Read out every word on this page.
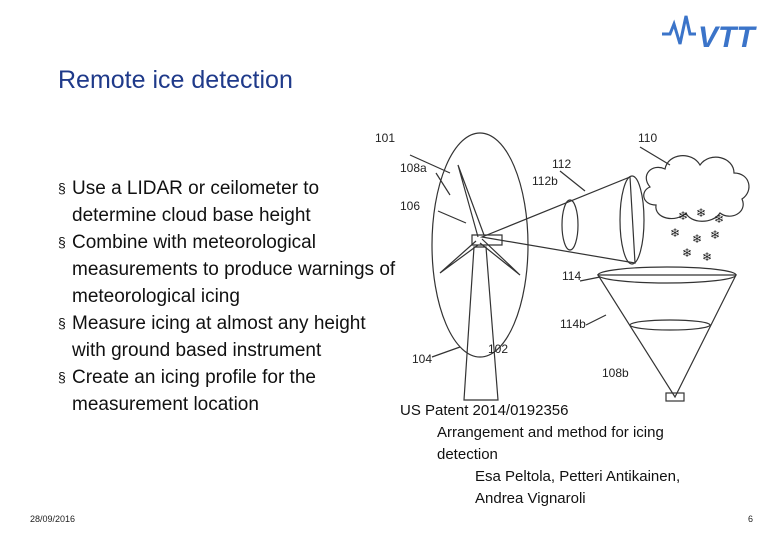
VTT
Remote ice detection
§ Use a LIDAR or ceilometer to determine cloud base height
§ Combine with meteorological measurements to produce warnings of meteorological icing
§ Measure icing at almost any height with ground based instrument
§ Create an icing profile for the measurement location
❄ ❄ ❄
❄ ❄ ❄
❄ ❄
101	110
112
108a
112b
106
114
114b
102
104
108b
US Patent 2014/0192356
Arrangement and method for icing
detection
Esa Peltola, Petteri Antikainen,
Andrea Vignaroli
28/09/2016	6
